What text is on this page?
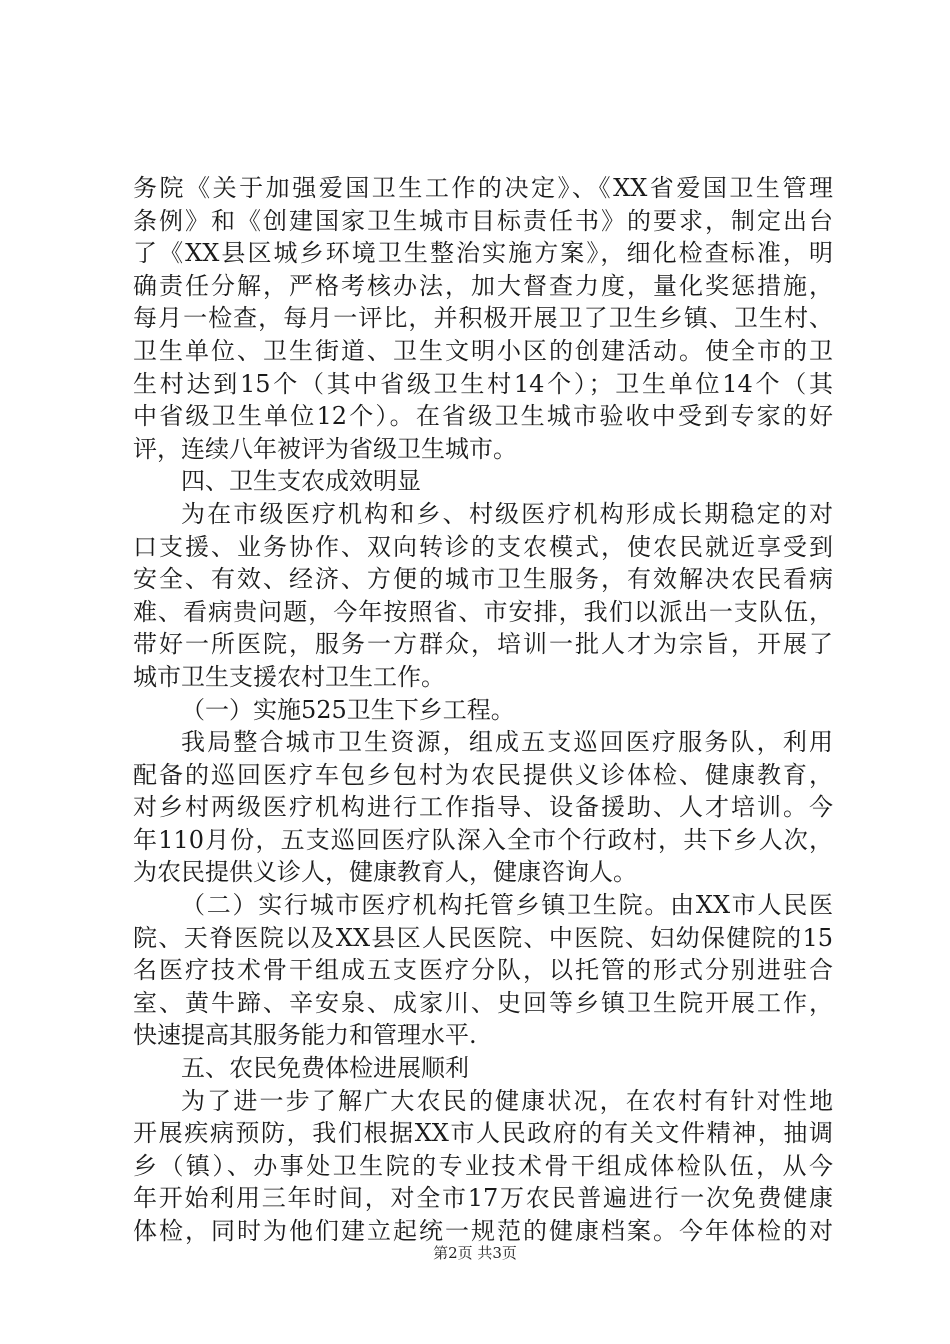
务院《关于加强爱国卫生工作的决定》、《XX省爱国卫生管理
条例》和《创建国家卫生城市目标责任书》的要求，制定出台
了《XX县区城乡环境卫生整治实施方案》，细化检查标准，明
确责任分解，严格考核办法，加大督查力度，量化奖惩措施，
每月一检查，每月一评比，并积极开展卫了卫生乡镇、卫生村、
卫生单位、卫生街道、卫生文明小区的创建活动。使全市的卫
生村达到15个（其中省级卫生村14个）；卫生单位14个（其
中省级卫生单位12个）。在省级卫生城市验收中受到专家的好
评，连续八年被评为省级卫生城市。
四、卫生支农成效明显
为在市级医疗机构和乡、村级医疗机构形成长期稳定的对
口支援、业务协作、双向转诊的支农模式，使农民就近享受到
安全、有效、经济、方便的城市卫生服务，有效解决农民看病
难、看病贵问题，今年按照省、市安排，我们以派出一支队伍，
带好一所医院，服务一方群众，培训一批人才为宗旨，开展了
城市卫生支援农村卫生工作。
（一）实施525卫生下乡工程。
我局整合城市卫生资源，组成五支巡回医疗服务队，利用
配备的巡回医疗车包乡包村为农民提供义诊体检、健康教育，
对乡村两级医疗机构进行工作指导、设备援助、人才培训。今
年110月份，五支巡回医疗队深入全市个行政村，共下乡人次，
为农民提供义诊人，健康教育人，健康咨询人。
（二）实行城市医疗机构托管乡镇卫生院。由XX市人民医
院、天脊医院以及XX县区人民医院、中医院、妇幼保健院的15
名医疗技术骨干组成五支医疗分队，以托管的形式分别进驻合
室、黄牛蹄、辛安泉、成家川、史回等乡镇卫生院开展工作，
快速提高其服务能力和管理水平.
五、农民免费体检进展顺利
为了进一步了解广大农民的健康状况，在农村有针对性地
开展疾病预防，我们根据XX市人民政府的有关文件精神，抽调
乡（镇）、办事处卫生院的专业技术骨干组成体检队伍，从今
年开始利用三年时间，对全市17万农民普遍进行一次免费健康
体检，同时为他们建立起统一规范的健康档案。今年体检的对
第2页 共3页
